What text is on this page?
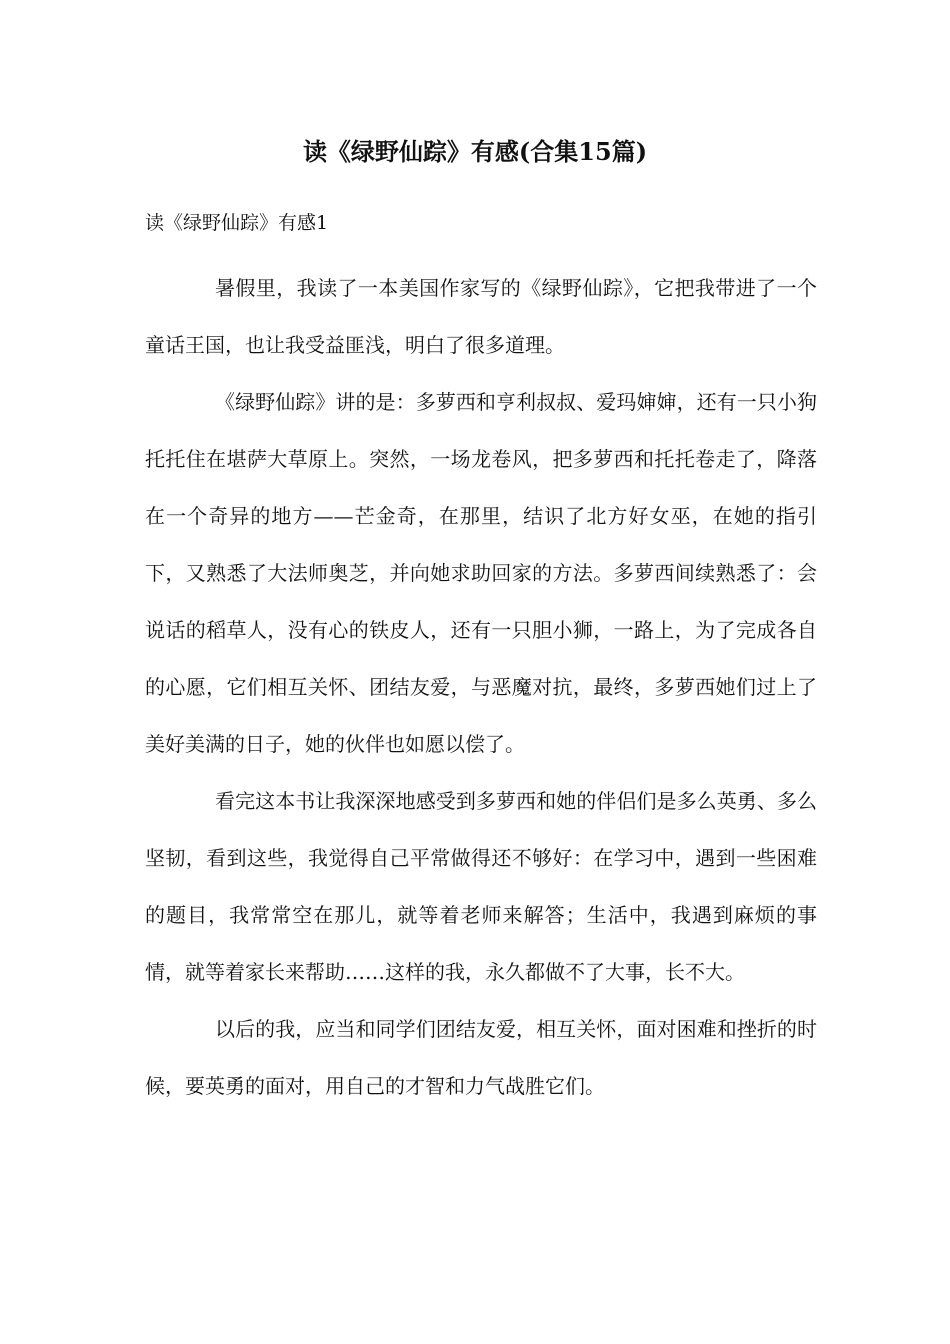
读《绿野仙踪》有感(合集15篇)
读《绿野仙踪》有感1

暑假里，我读了一本美国作家写的《绿野仙踪》，它把我带进了一个童话王国，也让我受益匪浅，明白了很多道理。

《绿野仙踪》讲的是：多萝西和亨利叔叔、爱玛婶婶，还有一只小狗托托住在堪萨大草原上。突然，一场龙卷风，把多萝西和托托卷走了，降落在一个奇异的地方——芒金奇，在那里，结识了北方好女巫，在她的指引下，又熟悉了大法师奥芝，并向她求助回家的方法。多萝西间续熟悉了：会说话的稻草人，没有心的铁皮人，还有一只胆小狮，一路上，为了完成各自的心愿，它们相互关怀、团结友爱，与恶魔对抗，最终，多萝西她们过上了美好美满的日子，她的伙伴也如愿以偿了。

看完这本书让我深深地感受到多萝西和她的伴侣们是多么英勇、多么坚韧，看到这些，我觉得自己平常做得还不够好：在学习中，遇到一些困难的题目，我常常空在那儿，就等着老师来解答；生活中，我遇到麻烦的事情，就等着家长来帮助……这样的我，永久都做不了大事，长不大。

以后的我，应当和同学们团结友爱，相互关怀，面对困难和挫折的时候，要英勇的面对，用自己的才智和力气战胜它们。
